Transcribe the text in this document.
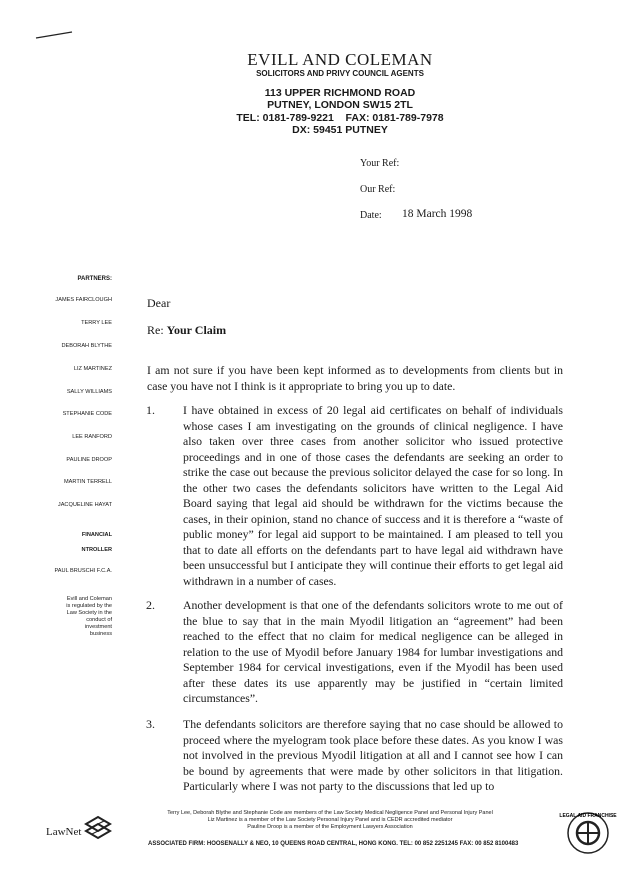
EVILL AND COLEMAN
SOLICITORS AND PRIVY COUNCIL AGENTS
113 UPPER RICHMOND ROAD
PUTNEY, LONDON SW15 2TL
TEL: 0181-789-9221    FAX: 0181-789-7978
DX: 59451 PUTNEY
Your Ref:
Our Ref:
Date: 18 March 1998
PARTNERS:
JAMES FAIRCLOUGH
TERRY LEE
DEBORAH BLYTHE
LIZ MARTINEZ
SALLY WILLIAMS
STEPHANIE CODE
LEE RANFORD
PAULINE DROOP
MARTIN TERRELL
JACQUELINE HAYAT
FINANCIAL
NTROLLER
PAUL BRUSCHI F.C.A.
Evill and Coleman is regulated by the Law Society in the conduct of investment business
Dear
Re: Your Claim
I am not sure if you have been kept informed as to developments from clients but in case you have not I think is it appropriate to bring you up to date.
1. I have obtained in excess of 20 legal aid certificates on behalf of individuals whose cases I am investigating on the grounds of clinical negligence. I have also taken over three cases from another solicitor who issued protective proceedings and in one of those cases the defendants are seeking an order to strike the case out because the previous solicitor delayed the case for so long. In the other two cases the defendants solicitors have written to the Legal Aid Board saying that legal aid should be withdrawn for the victims because the cases, in their opinion, stand no chance of success and it is therefore a “waste of public money” for legal aid support to be maintained. I am pleased to tell you that to date all efforts on the defendants part to have legal aid withdrawn have been unsuccessful but I anticipate they will continue their efforts to get legal aid withdrawn in a number of cases.
2. Another development is that one of the defendants solicitors wrote to me out of the blue to say that in the main Myodil litigation an “agreement” had been reached to the effect that no claim for medical negligence can be alleged in relation to the use of Myodil before January 1984 for lumbar investigations and September 1984 for cervical investigations, even if the Myodil has been used after these dates its use apparently may be justified in “certain limited circumstances”.
3. The defendants solicitors are therefore saying that no case should be allowed to proceed where the myelogram took place before these dates. As you know I was not involved in the previous Myodil litigation at all and I cannot see how I can be bound by agreements that were made by other solicitors in that litigation. Particularly where I was not party to the discussions that led up to
Terry Lee, Deborah Blythe and Stephanie Code are members of the Law Society Medical Negligence Panel and Personal Injury Panel
Liz Martinez is a member of the Law Society Personal Injury Panel and is CEDR accredited mediator
Pauline Droop is a member of the Employment Lawyers Association
ASSOCIATED FIRM: HOOSENALLY & NEO, 10 QUEENS ROAD CENTRAL, HONG KONG. TEL: 00 852 2251245 FAX: 00 852 8100483
LawNet
LEGAL AID FRANCHISE
